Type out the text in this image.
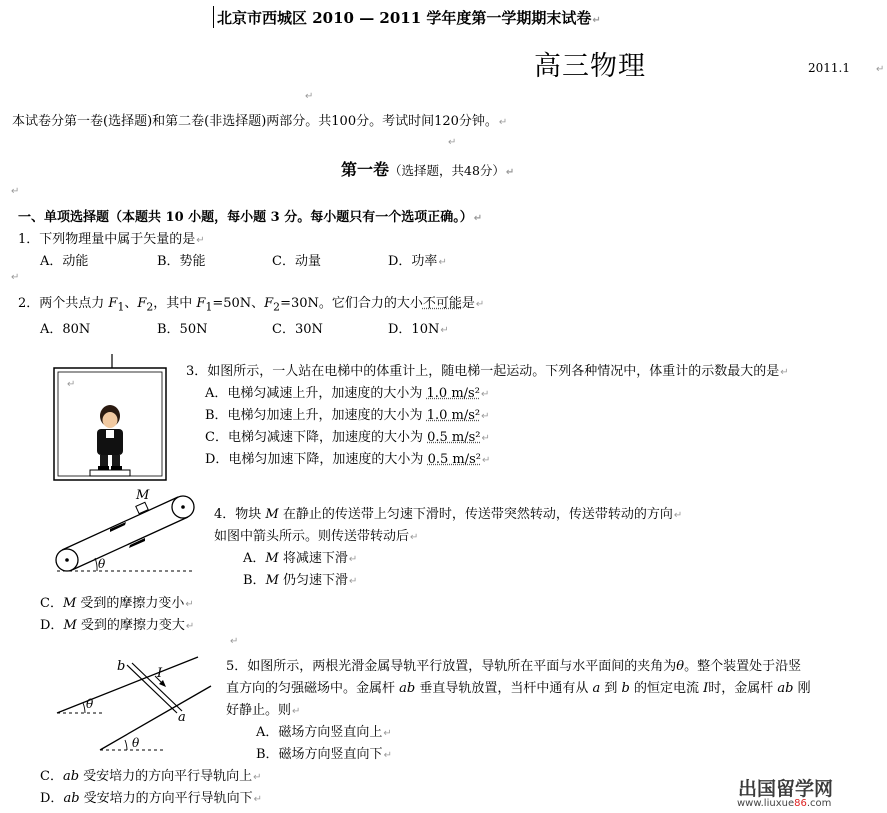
北京市西城区 2010 — 2011 学年度第一学期期末试卷↵
高三物理	2011.1	↵
↵
本试卷分第一卷(选择题)和第二卷(非选择题)两部分。共100分。考试时间120分钟。↵
↵
第一卷（选择题，共48分）↵
↵
一、单项选择题（本题共 10 小题，每小题 3 分。每小题只有一个选项正确。）↵
1．下列物理量中属于矢量的是↵
A．动能	B．势能	C．动量	D．功率↵
↵
2．两个共点力 $F_1$、$F_2$，其中 $F_1=50N$、$F_2=30N$。它们合力的大小不可能是↵
A．80N	B．50N	C．30N	D．10N↵
↵
3．如图所示，一人站在电梯中的体重计上，随电梯一起运动。下列各种情况中，体重计的示数最大的是↵
A．电梯匀减速上升，加速度的大小为 1.0 m/s²↵
B．电梯匀加速上升，加速度的大小为 1.0 m/s²↵
C．电梯匀减速下降，加速度的大小为 0.5 m/s²↵
D．电梯匀加速下降，加速度的大小为 0.5 m/s²↵
M
θ
4．物块 M 在静止的传送带上匀速下滑时，传送带突然转动，传送带转动的方向↵
如图中箭头所示。则传送带转动后↵
A．M 将减速下滑↵
B．M 仍匀速下滑↵
C．M 受到的摩擦力变小↵
D．M 受到的摩擦力变大↵
↵
b I
a
θ
θ
5．如图所示，两根光滑金属导轨平行放置，导轨所在平面与水平面间的夹角为θ。整个装置处于沿竖
直方向的匀强磁场中。金属杆 ab 垂直导轨放置，当杆中通有从 a 到 b 的恒定电流 I时，金属杆 ab 刚
好静止。则↵
A．磁场方向竖直向上↵
B．磁场方向竖直向下↵
C．ab 受安培力的方向平行导轨向上↵
D．ab 受安培力的方向平行导轨向下↵	出国留学网
www.liuxue86.com
